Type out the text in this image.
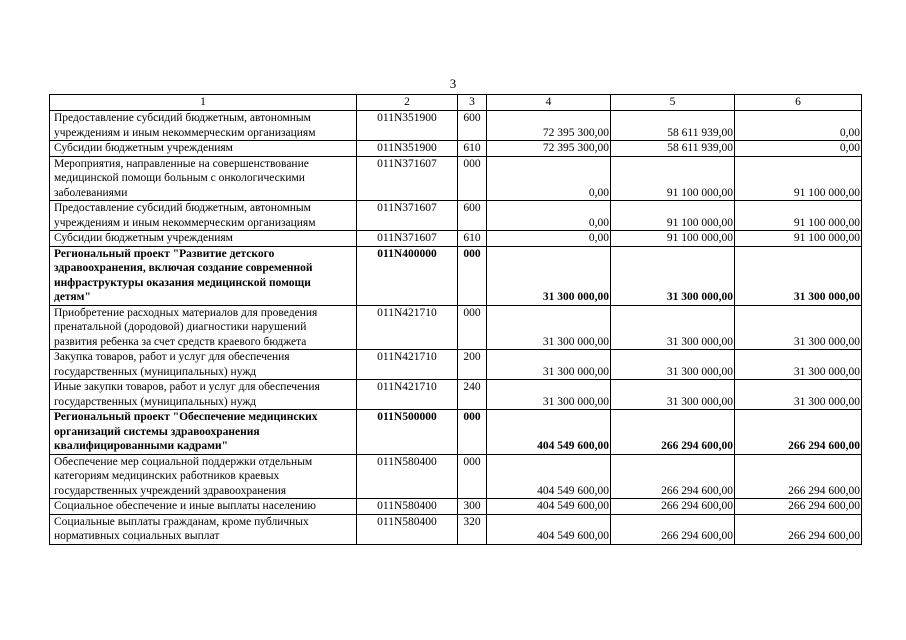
3
1	2	3	4	5	6

Предоставление субсидий бюджетным, автономным
учреждениям и иным некоммерческим организациям	011N351900	600	72 395 300,00	58 611 939,00	0,00

Субсидии бюджетным учреждениям	011N351900	610	72 395 300,00	58 611 939,00	0,00

Мероприятия, направленные на совершенствование
медицинской помощи больным с онкологическими
заболеваниями	011N371607	000	0,00	91 100 000,00	91 100 000,00

Предоставление субсидий бюджетным, автономным
учреждениям и иным некоммерческим организациям	011N371607	600	0,00	91 100 000,00	91 100 000,00

Субсидии бюджетным учреждениям	011N371607	610	0,00	91 100 000,00	91 100 000,00

Региональный проект "Развитие детского
здравоохранения, включая создание современной
инфраструктуры оказания медицинской помощи
детям"	011N400000	000	31 300 000,00	31 300 000,00	31 300 000,00

Приобретение расходных материалов для проведения
пренатальной (дородовой) диагностики нарушений
развития ребенка за счет средств краевого бюджета	011N421710	000	31 300 000,00	31 300 000,00	31 300 000,00

Закупка товаров, работ и услуг для обеспечения
государственных (муниципальных) нужд	011N421710	200	31 300 000,00	31 300 000,00	31 300 000,00

Иные закупки товаров, работ и услуг для обеспечения
государственных (муниципальных) нужд	011N421710	240	31 300 000,00	31 300 000,00	31 300 000,00

Региональный проект "Обеспечение медицинских
организаций системы здравоохранения
квалифицированными кадрами"	011N500000	000	404 549 600,00	266 294 600,00	266 294 600,00

Обеспечение мер социальной поддержки отдельным
категориям медицинских работников краевых
государственных учреждений здравоохранения	011N580400	000	404 549 600,00	266 294 600,00	266 294 600,00

Социальное обеспечение и иные выплаты населению	011N580400	300	404 549 600,00	266 294 600,00	266 294 600,00

Социальные выплаты гражданам, кроме публичных
нормативных социальных выплат	011N580400	320	404 549 600,00	266 294 600,00	266 294 600,00
